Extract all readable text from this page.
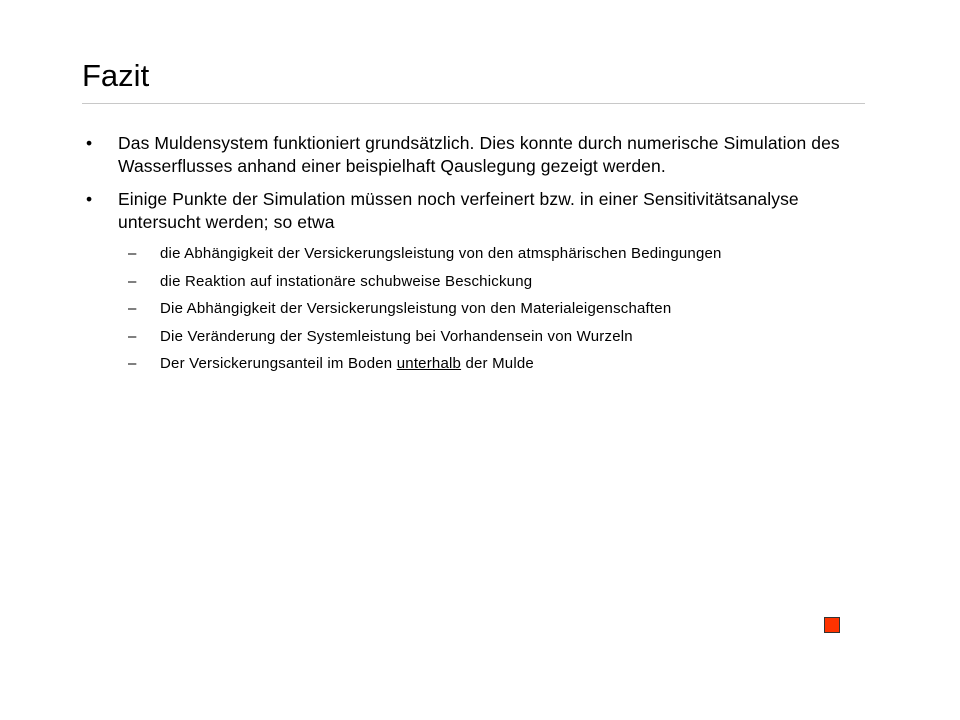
Fazit
• Das Muldensystem funktioniert grundsätzlich. Dies konnte durch numerische Simulation des Wasserflusses anhand einer beispielhaft Qauslegung gezeigt werden.
• Einige Punkte der Simulation müssen noch verfeinert bzw. in einer Sensitivitätsanalyse untersucht werden; so etwa
– die Abhängigkeit der Versickerungsleistung von den atmsphärischen Bedingungen
– die Reaktion auf instationäre schubweise Beschickung
– Die Abhängigkeit der Versickerungsleistung von den Materialeigenschaften
– Die Veränderung der Systemleistung bei Vorhandensein von Wurzeln
– Der Versickerungsanteil im Boden unterhalb der Mulde
